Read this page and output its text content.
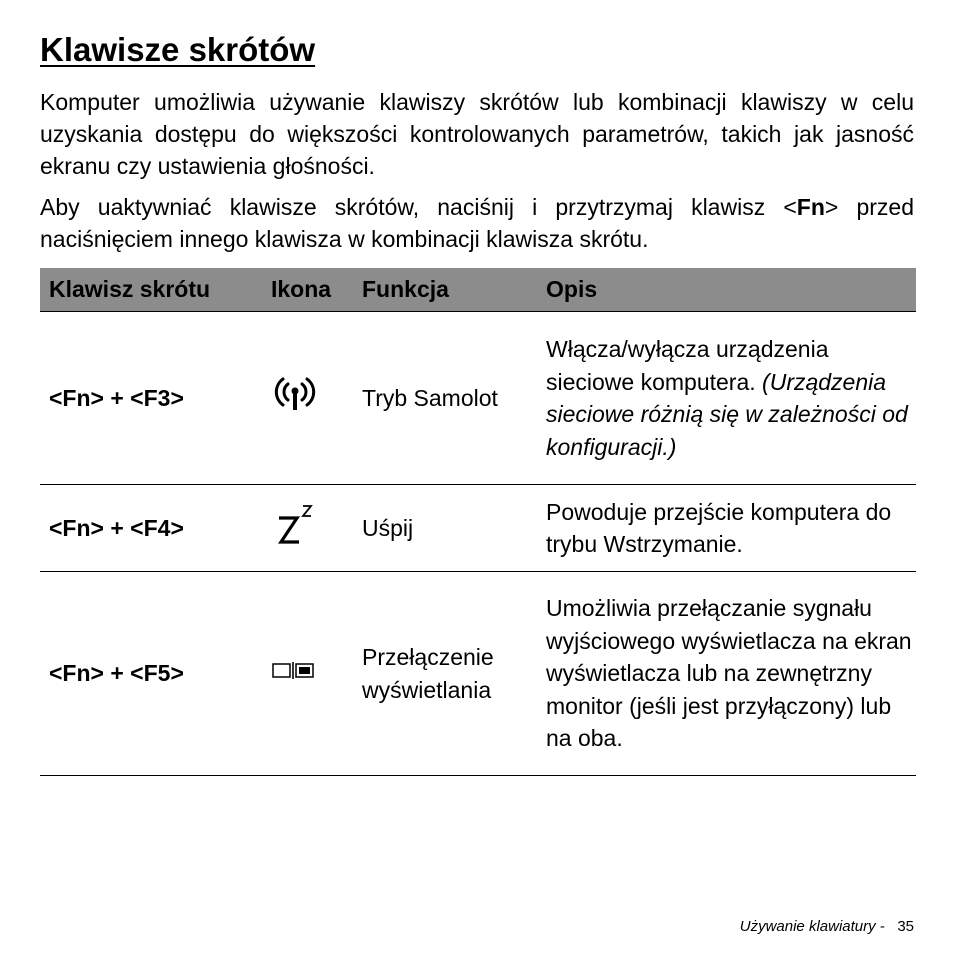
Klawisze skrótów

Komputer umożliwia używanie klawiszy skrótów lub kombinacji klawiszy w celu uzyskania dostępu do większości kontrolowanych parametrów, takich jak jasność ekranu czy ustawienia głośności.

Aby uaktywniać klawisze skrótów, naciśnij i przytrzymaj klawisz <Fn> przed naciśnięciem innego klawisza w kombinacji klawisza skrótu.

Klawisz skrótu	Ikona	Funkcja	Opis
<Fn> + <F3>		Tryb Samolot	Włącza/wyłącza urządzenia sieciowe komputera. (Urządzenia sieciowe różnią się w zależności od konfiguracji.)
<Fn> + <F4>		Uśpij	Powoduje przejście komputera do trybu Wstrzymanie.
<Fn> + <F5>		Przełączenie wyświetlania	Umożliwia przełączanie sygnału wyjściowego wyświetlacza na ekran wyświetlacza lub na zewnętrzny monitor (jeśli jest przyłączony) lub na oba.
Używanie klawiatury - 35
